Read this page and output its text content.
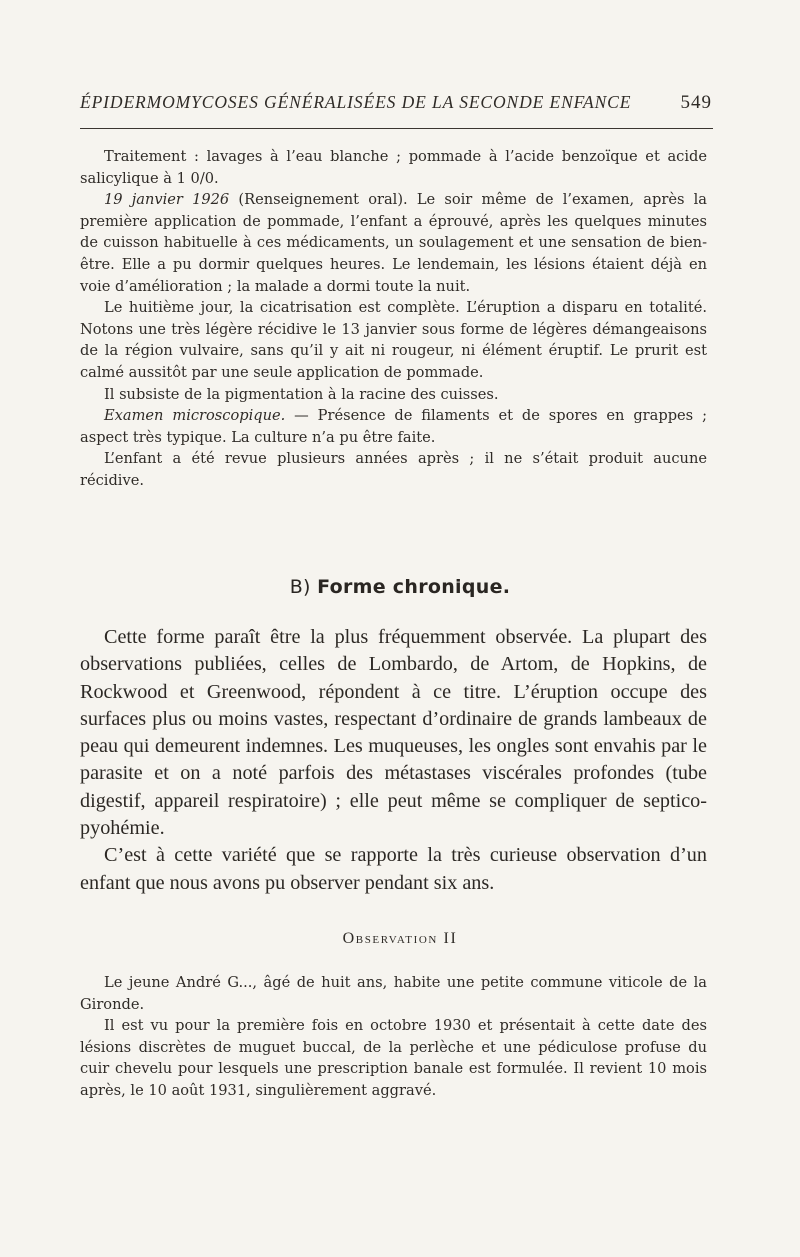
ÉPIDERMOMYCOSES GÉNÉRALISÉES DE LA SECONDE ENFANCE	549

Traitement : lavages à l’eau blanche ; pommade à l’acide benzoïque et acide salicylique à 1 0/0.

19 janvier 1926 (Renseignement oral). Le soir même de l’examen, après la première application de pommade, l’enfant a éprouvé, après les quelques minutes de cuisson habituelle à ces médicaments, un soulagement et une sensation de bien-être. Elle a pu dormir quelques heures. Le lendemain, les lésions étaient déjà en voie d’amélioration ; la malade a dormi toute la nuit.

Le huitième jour, la cicatrisation est complète. L’éruption a disparu en totalité. Notons une très légère récidive le 13 janvier sous forme de légères démangeaisons de la région vulvaire, sans qu’il y ait ni rougeur, ni élément éruptif. Le prurit est calmé aussitôt par une seule application de pommade.

Il subsiste de la pigmentation à la racine des cuisses.

Examen microscopique. — Présence de filaments et de spores en grappes ; aspect très typique. La culture n’a pu être faite.

L’enfant a été revue plusieurs années après ; il ne s’était produit aucune récidive.

B) Forme chronique.

Cette forme paraît être la plus fréquemment observée. La plupart des observations publiées, celles de Lombardo, de Artom, de Hopkins, de Rockwood et Greenwood, répondent à ce titre. L’éruption occupe des surfaces plus ou moins vastes, respectant d’ordinaire de grands lambeaux de peau qui demeurent indemnes. Les muqueuses, les ongles sont envahis par le parasite et on a noté parfois des métastases viscérales profondes (tube digestif, appareil respiratoire) ; elle peut même se compliquer de septico-pyohémie.

C’est à cette variété que se rapporte la très curieuse observation d’un enfant que nous avons pu observer pendant six ans.

Observation II

Le jeune André G..., âgé de huit ans, habite une petite commune viticole de la Gironde.

Il est vu pour la première fois en octobre 1930 et présentait à cette date des lésions discrètes de muguet buccal, de la perlèche et une pédiculose profuse du cuir chevelu pour lesquels une prescription banale est formulée. Il revient 10 mois après, le 10 août 1931, singulièrement aggravé.
